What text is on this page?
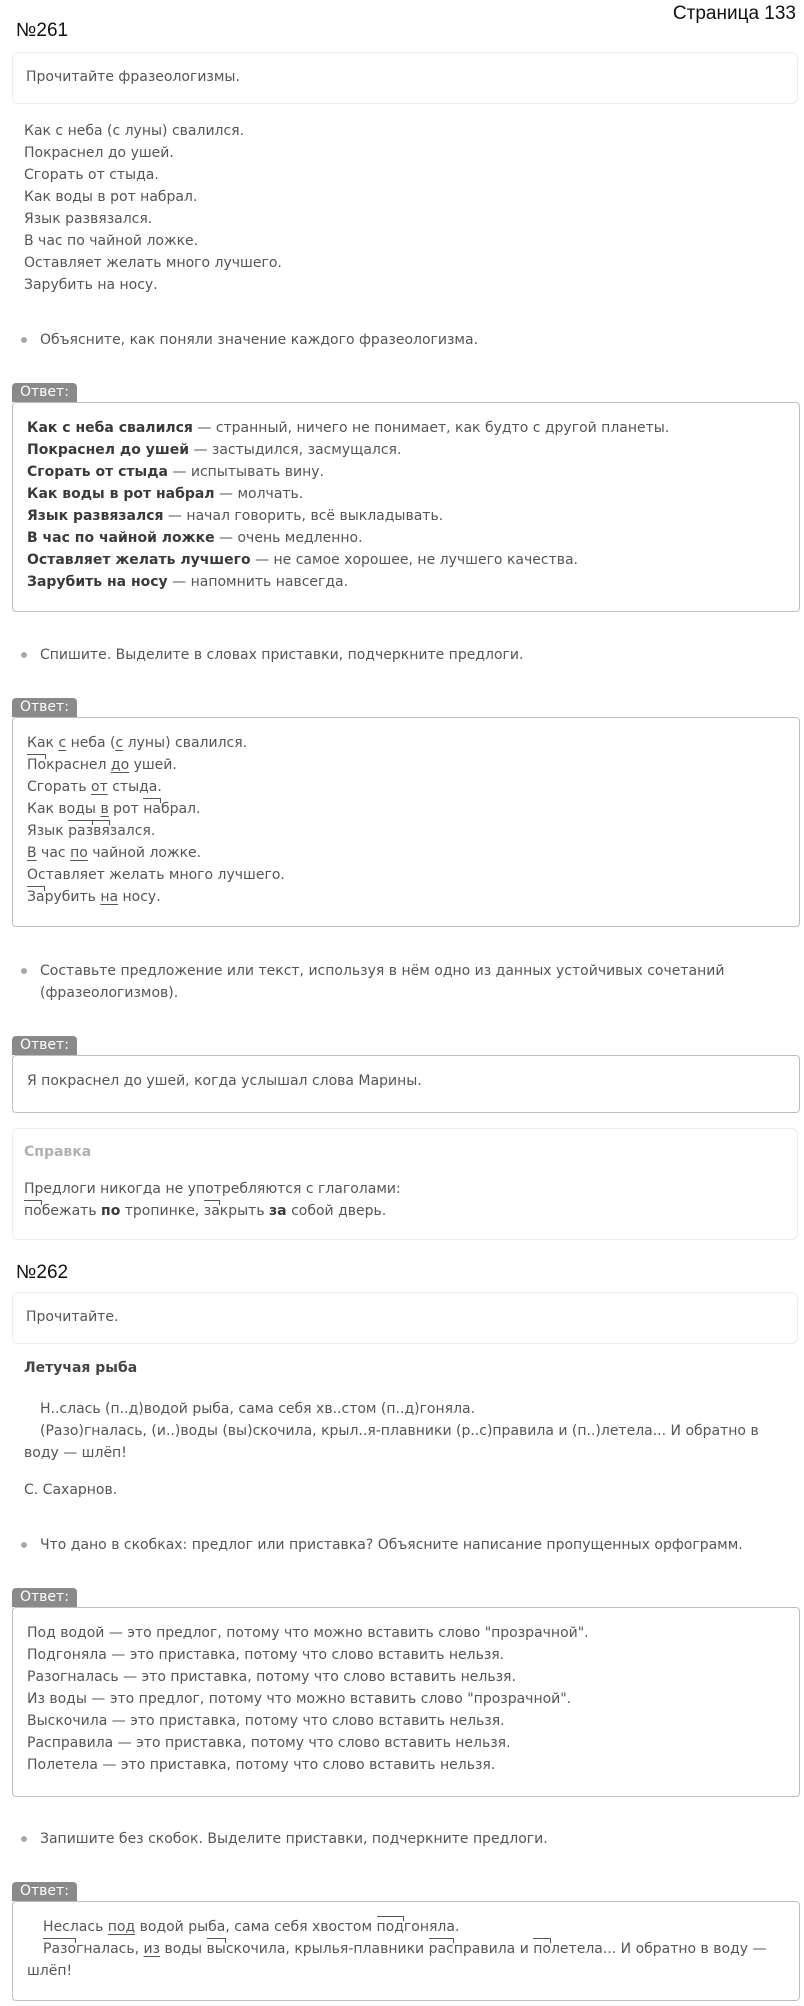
Страница 133
№261
Прочитайте фразеологизмы.
Как с неба (с луны) свалился.
Покраснел до ушей.
Сгорать от стыда.
Как воды в рот набрал.
Язык развязался.
В час по чайной ложке.
Оставляет желать много лучшего.
Зарубить на носу.
Объясните, как поняли значение каждого фразеологизма.
Ответ:
Как с неба свалился — странный, ничего не понимает, как будто с другой планеты.
Покраснел до ушей — застыдился, засмущался.
Сгорать от стыда — испытывать вину.
Как воды в рот набрал — молчать.
Язык развязался — начал говорить, всё выкладывать.
В час по чайной ложке — очень медленно.
Оставляет желать лучшего — не самое хорошее, не лучшего качества.
Зарубить на носу — напомнить навсегда.
Спишите. Выделите в словах приставки, подчеркните предлоги.
Ответ:
Как с неба (с луны) свалился.
Покраснел до ушей.
Сгорать от стыда.
Как воды в рот набрал.
Язык развязался.
В час по чайной ложке.
Оставляет желать много лучшего.
Зарубить на носу.
Составьте предложение или текст, используя в нём одно из данных устойчивых сочетаний (фразеологизмов).
Ответ:
Я покраснел до ушей, когда услышал слова Марины.
Справка
Предлоги никогда не употребляются с глаголами:
побежать по тропинке, закрыть за собой дверь.
№262
Прочитайте.
Летучая рыба
Н..слась (п..д)водой рыба, сама себя хв..стом (п..д)гоняла.
(Разо)гналась, (и..)воды (вы)скочила, крыл..я-плавники (р..с)правила и (п..)летела... И обратно в
воду — шлёп!
С. Сахарнов.
Что дано в скобках: предлог или приставка? Объясните написание пропущенных орфограмм.
Ответ:
Под водой — это предлог, потому что можно вставить слово "прозрачной".
Подгоняла — это приставка, потому что слово вставить нельзя.
Разогналась — это приставка, потому что слово вставить нельзя.
Из воды — это предлог, потому что можно вставить слово "прозрачной".
Выскочила — это приставка, потому что слово вставить нельзя.
Расправила — это приставка, потому что слово вставить нельзя.
Полетела — это приставка, потому что слово вставить нельзя.
Запишите без скобок. Выделите приставки, подчеркните предлоги.
Ответ:
Неслась под водой рыба, сама себя хвостом подгоняла.
Разогналась, из воды выскочила, крылья-плавники расправила и полетела... И обратно в воду —
шлёп!
